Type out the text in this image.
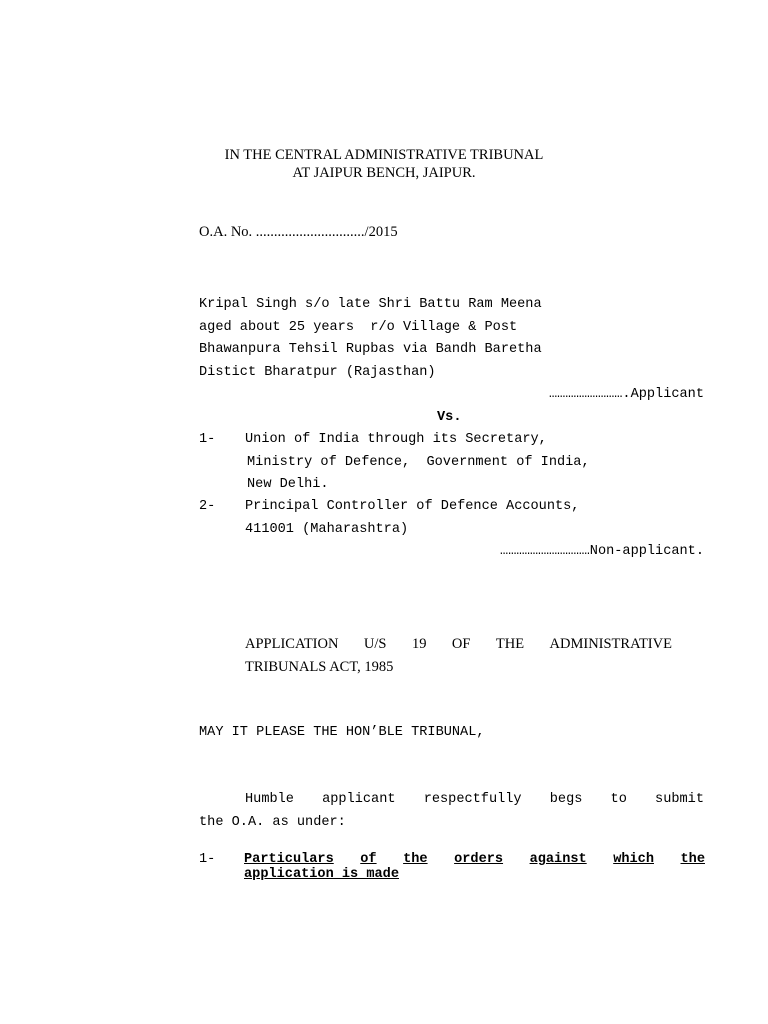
IN THE CENTRAL ADMINISTRATIVE TRIBUNAL
AT JAIPUR BENCH, JAIPUR.
O.A. No. ............................../2015
Kripal Singh s/o late Shri Battu Ram Meena
aged about 25 years  r/o Village & Post
Bhawanpura Tehsil Rupbas via Bandh Baretha
Distict Bharatpur (Rajasthan)
……………………….Applicant
Vs.
1- Union of India through its Secretary,
Ministry of Defence,  Government of India,
New Delhi.
2- Principal Controller of Defence Accounts,
411001 (Maharashtra)
……………………………Non-applicant.
APPLICATION U/S 19 OF THE ADMINISTRATIVE
TRIBUNALS ACT, 1985
MAY IT PLEASE THE HON’BLE TRIBUNAL,
Humble applicant respectfully begs to submit
the O.A. as under:
1- Particulars of the orders against which the
application is made
